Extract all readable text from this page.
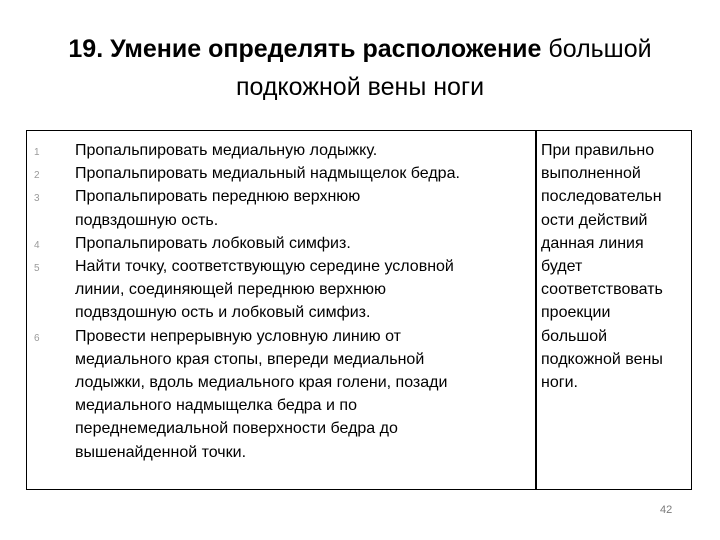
19. Умение определять расположение большой
подкожной вены ноги
1
2
3
4
5
6
Пропальпировать медиальную лодыжку.
Пропальпировать медиальный надмыщелок бедра.
Пропальпировать переднюю верхнюю
подвздошную ость.
Пропальпировать лобковый симфиз.
Найти точку, соответствующую середине условной
линии, соединяющей переднюю верхнюю
подвздошную ость и лобковый симфиз.
Провести непрерывную условную линию от
медиального края стопы, впереди медиальной
лодыжки, вдоль медиального края голени, позади
медиального надмыщелка бедра и по
переднемедиальной поверхности бедра до
вышенайденной точки.
При правильно
выполненной
последовательн
ости действий
данная линия
будет
соответствовать
проекции
большой
подкожной вены
ноги.
42
